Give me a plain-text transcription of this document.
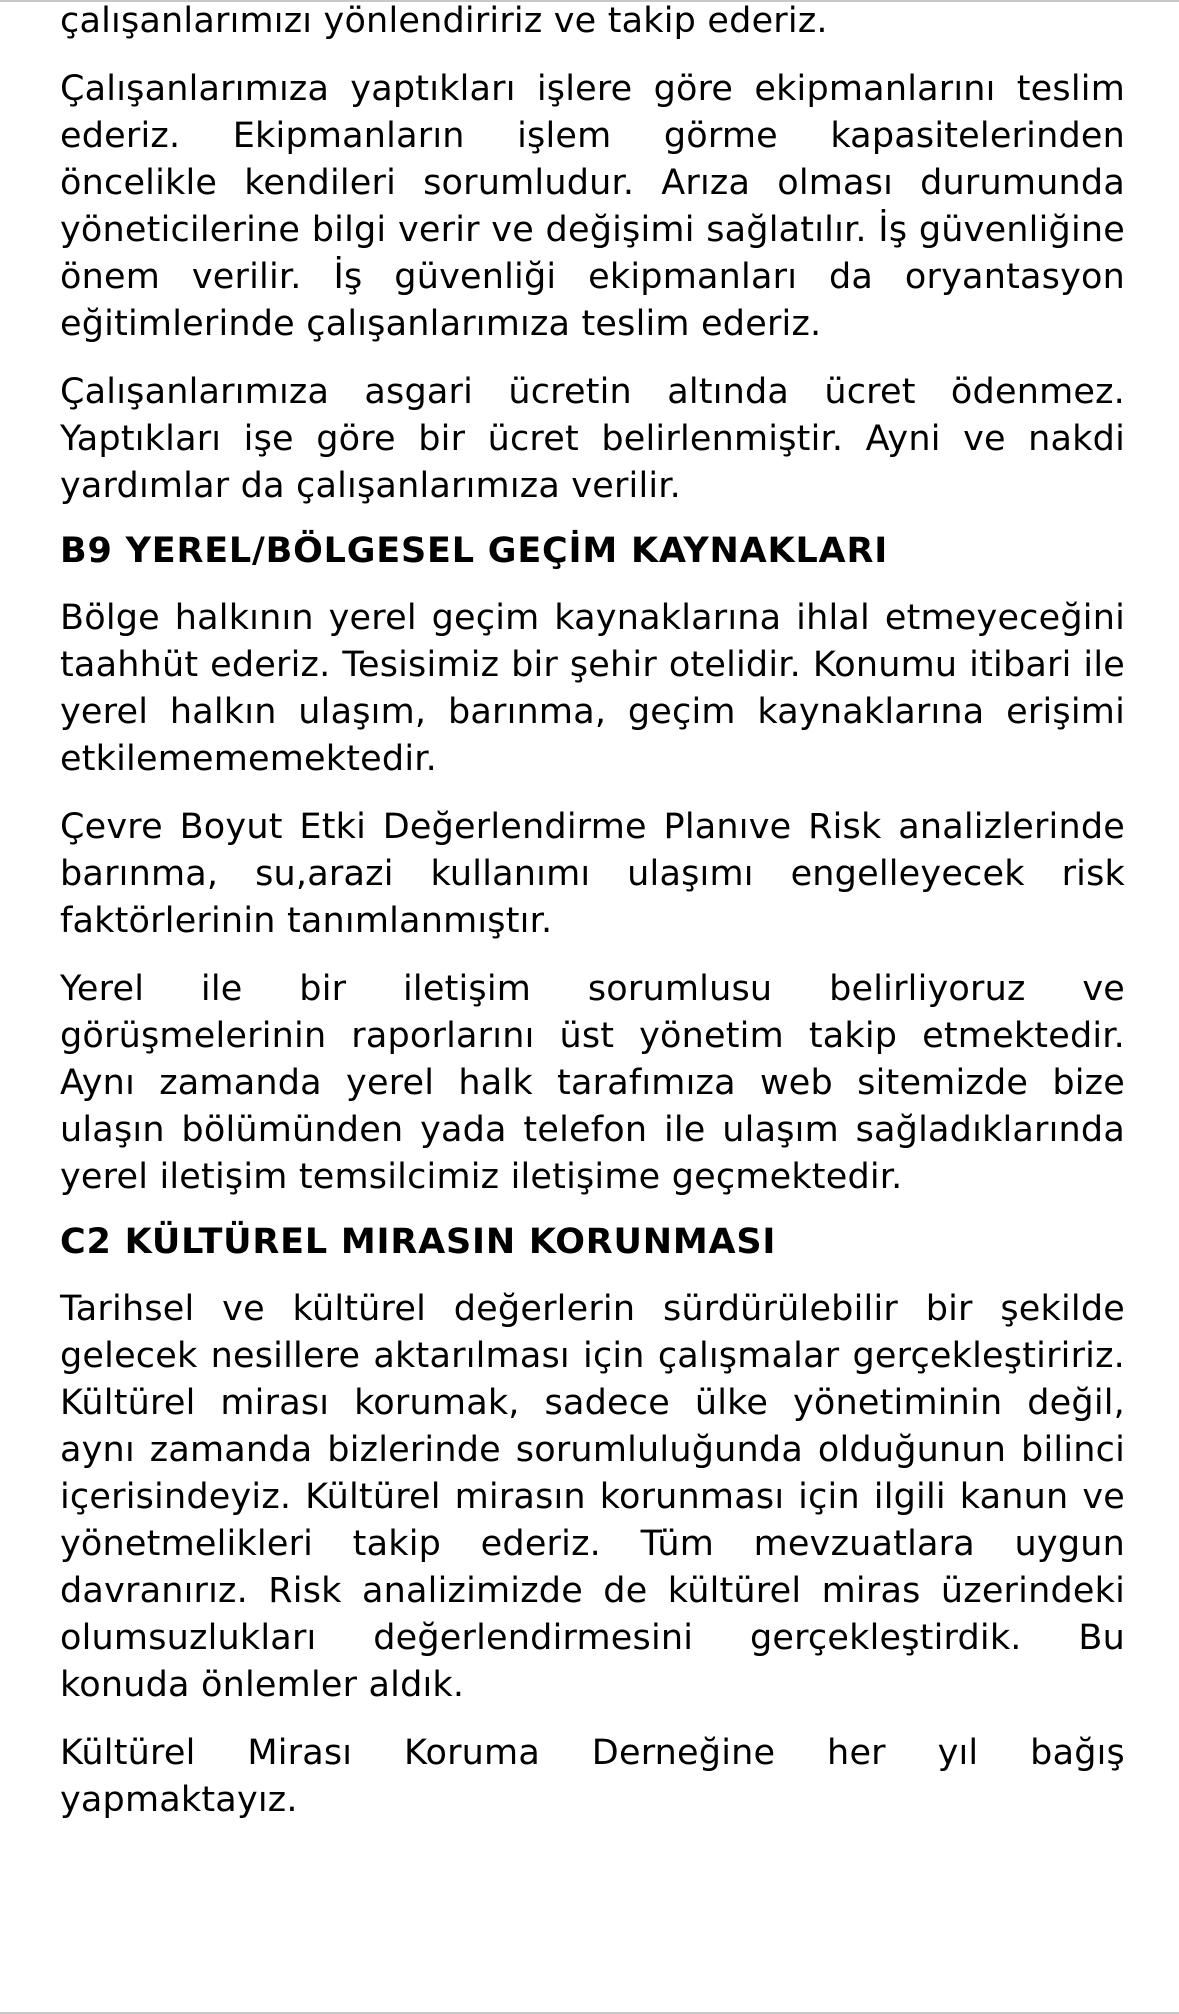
çalışanlarımızı yönlendiririz ve takip ederiz.

Çalışanlarımıza yaptıkları işlere göre ekipmanlarını teslim ederiz. Ekipmanların işlem görme kapasitelerinden öncelikle kendileri sorumludur. Arıza olması durumunda yöneticilerine bilgi verir ve değişimi sağlatılır. İş güvenliğine önem verilir. İş güvenliği ekipmanları da oryantasyon eğitimlerinde çalışanlarımıza teslim ederiz.

Çalışanlarımıza asgari ücretin altında ücret ödenmez. Yaptıkları işe göre bir ücret belirlenmiştir. Ayni ve nakdi yardımlar da çalışanlarımıza verilir.

B9 YEREL/BÖLGESEL GEÇİM KAYNAKLARI

Bölge halkının yerel geçim kaynaklarına ihlal etmeyeceğini taahhüt ederiz. Tesisimiz bir şehir otelidir. Konumu itibari ile yerel halkın ulaşım, barınma, geçim kaynaklarına erişimi etkilemememektedir.

Çevre Boyut Etki Değerlendirme Planıve Risk analizlerinde barınma, su,arazi kullanımı ulaşımı engelleyecek risk faktörlerinin tanımlanmıştır.

Yerel ile bir iletişim sorumlusu belirliyoruz ve görüşmelerinin raporlarını üst yönetim takip etmektedir. Aynı zamanda yerel halk tarafımıza web sitemizde bize ulaşın bölümünden yada telefon ile ulaşım sağladıklarında yerel iletişim temsilcimiz iletişime geçmektedir.

C2 KÜLTÜREL MIRASIN KORUNMASI

Tarihsel ve kültürel değerlerin sürdürülebilir bir şekilde gelecek nesillere aktarılması için çalışmalar gerçekleştiririz. Kültürel mirası korumak, sadece ülke yönetiminin değil, aynı zamanda bizlerinde sorumluluğunda olduğunun bilinci içerisindeyiz. Kültürel mirasın korunması için ilgili kanun ve yönetmelikleri takip ederiz. Tüm mevzuatlara uygun davranırız. Risk analizimizde de kültürel miras üzerindeki olumsuzlukları değerlendirmesini gerçekleştirdik. Bu konuda önlemler aldık.

Kültürel Mirası Koruma Derneğine her yıl bağış yapmaktayız.
